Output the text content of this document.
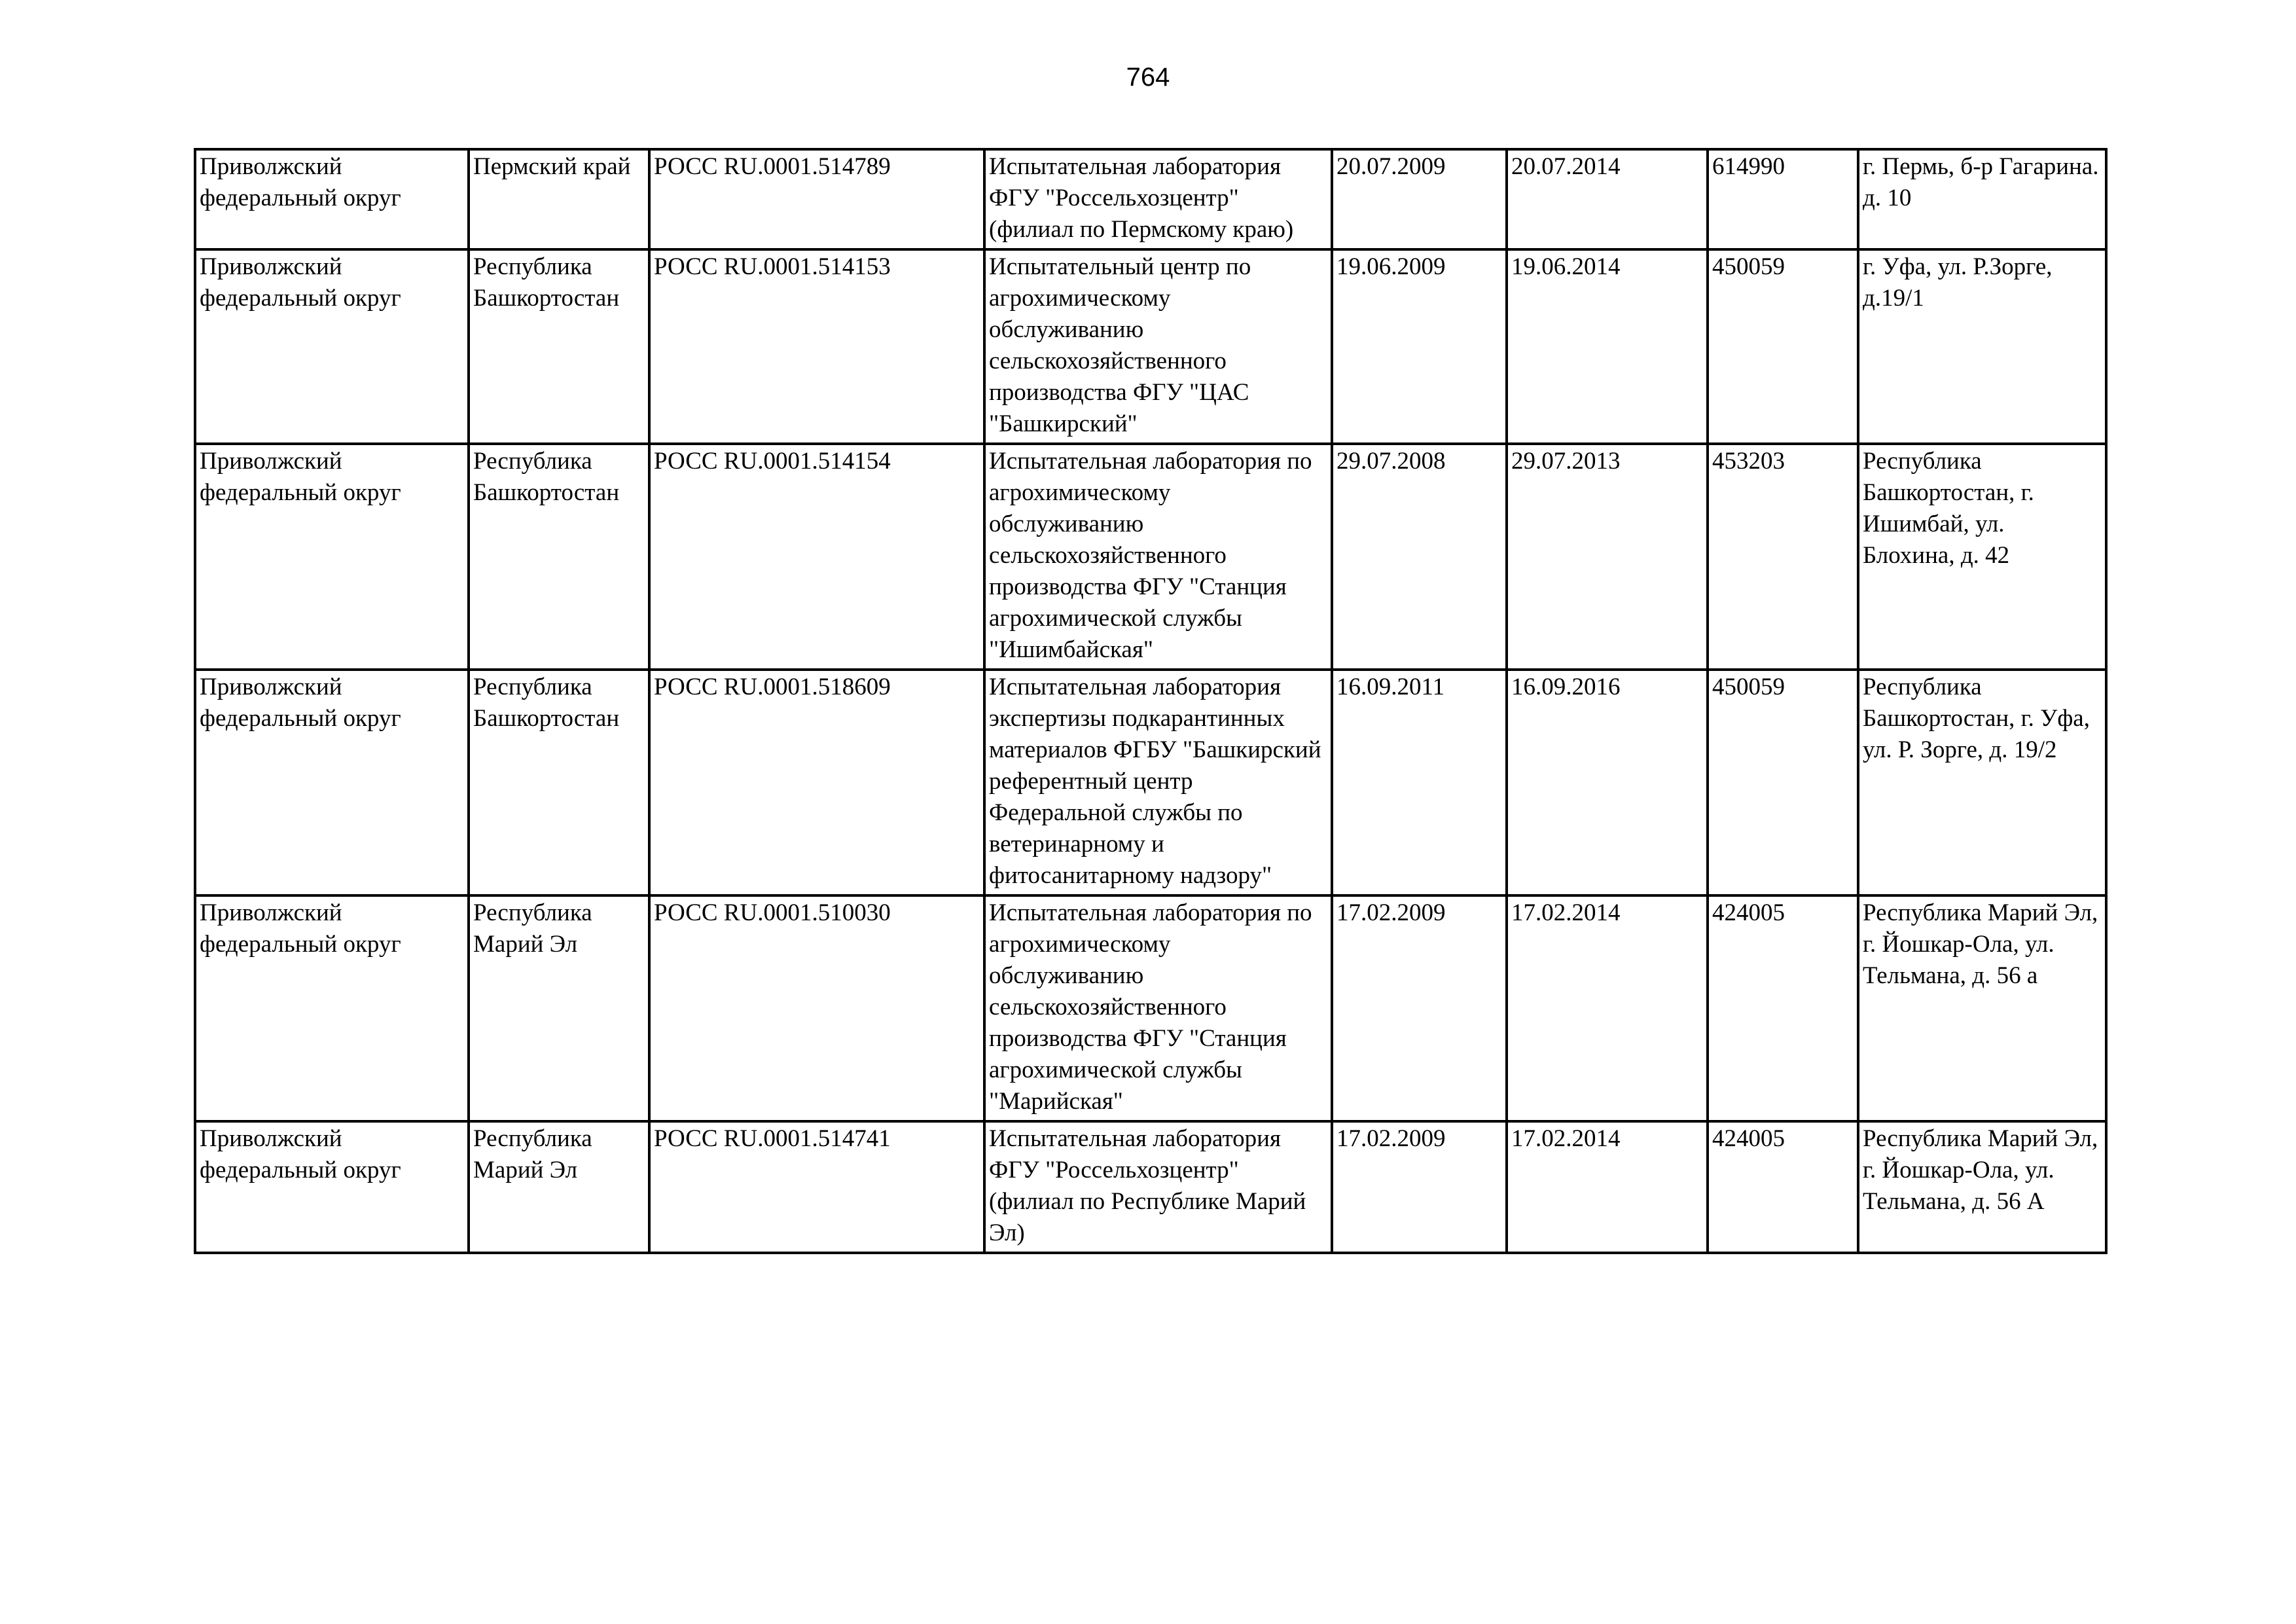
764
Приволжский федеральный округ	Пермский край	РОСС RU.0001.514789	Испытательная лаборатория ФГУ "Россельхозцентр" (филиал по Пермскому краю)	20.07.2009	20.07.2014	614990	г. Пермь, б-р Гагарина. д. 10
Приволжский федеральный округ	Республика Башкортостан	РОСС RU.0001.514153	Испытательный центр по агрохимическому обслуживанию сельскохозяйственного производства ФГУ "ЦАС "Башкирский"	19.06.2009	19.06.2014	450059	г. Уфа, ул. Р.Зорге, д.19/1
Приволжский федеральный округ	Республика Башкортостан	РОСС RU.0001.514154	Испытательная лаборатория по агрохимическому обслуживанию сельскохозяйственного производства ФГУ "Станция агрохимической службы "Ишимбайская"	29.07.2008	29.07.2013	453203	Республика Башкортостан, г. Ишимбай, ул. Блохина, д. 42
Приволжский федеральный округ	Республика Башкортостан	РОСС RU.0001.518609	Испытательная лаборатория экспертизы подкарантинных материалов ФГБУ "Башкирский референтный центр Федеральной службы по ветеринарному и фитосанитарному надзору"	16.09.2011	16.09.2016	450059	Республика Башкортостан, г. Уфа, ул. Р. Зорге, д. 19/2
Приволжский федеральный округ	Республика Марий Эл	РОСС RU.0001.510030	Испытательная лаборатория по агрохимическому обслуживанию сельскохозяйственного производства ФГУ "Станция агрохимической службы "Марийская"	17.02.2009	17.02.2014	424005	Республика Марий Эл, г. Йошкар-Ола, ул. Тельмана, д. 56 а
Приволжский федеральный округ	Республика Марий Эл	РОСС RU.0001.514741	Испытательная лаборатория ФГУ "Россельхозцентр" (филиал по Республике Марий Эл)	17.02.2009	17.02.2014	424005	Республика Марий Эл, г. Йошкар-Ола, ул. Тельмана, д. 56 А
